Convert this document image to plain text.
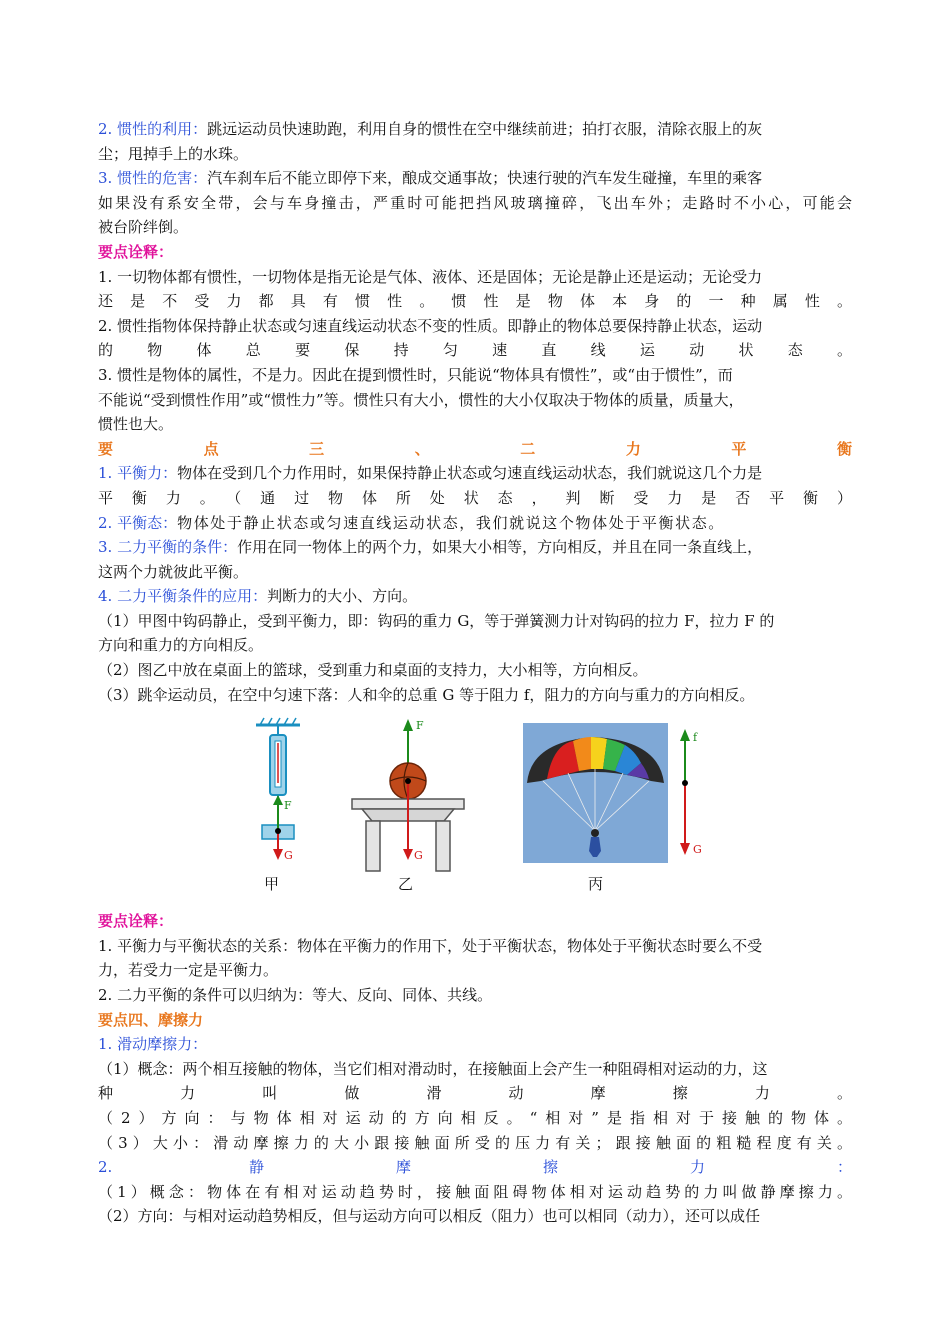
2. 惯性的利用：跳远运动员快速助跑，利用自身的惯性在空中继续前进；拍打衣服，清除衣服上的灰
尘；甩掉手上的水珠。
3. 惯性的危害：汽车刹车后不能立即停下来，酿成交通事故；快速行驶的汽车发生碰撞，车里的乘客
如果没有系安全带，会与车身撞击，严重时可能把挡风玻璃撞碎，飞出车外；走路时不小心，可能会
被台阶绊倒。
要点诠释：
1. 一切物体都有惯性，一切物体是指无论是气体、液体、还是固体；无论是静止还是运动；无论受力
还是不受力都具有惯性。惯性是物体本身的一种属性。
2. 惯性指物体保持静止状态或匀速直线运动状态不变的性质。即静止的物体总要保持静止状态，运动
的物体总要保持匀速直线运动状态。
3. 惯性是物体的属性，不是力。因此在提到惯性时，只能说“物体具有惯性”，或“由于惯性”，而
不能说“受到惯性作用”或“惯性力”等。惯性只有大小，惯性的大小仅取决于物体的质量，质量大，
惯性也大。
要点三、二力平衡
1. 平衡力：物体在受到几个力作用时，如果保持静止状态或匀速直线运动状态，我们就说这几个力是
平衡力。（通过物体所处状态，判断受力是否平衡）
2. 平衡态：物体处于静止状态或匀速直线运动状态，我们就说这个物体处于平衡状态。
3. 二力平衡的条件：作用在同一物体上的两个力，如果大小相等，方向相反，并且在同一条直线上，
这两个力就彼此平衡。
4. 二力平衡条件的应用：判断力的大小、方向。
（1）甲图中钩码静止，受到平衡力，即：钩码的重力 G，等于弹簧测力计对钩码的拉力 F，拉力 F 的
方向和重力的方向相反。
（2）图乙中放在桌面上的篮球，受到重力和桌面的支持力，大小相等，方向相反。
（3）跳伞运动员，在空中匀速下落：人和伞的总重 G 等于阻力 f，阻力的方向与重力的方向相反。
F
G
甲
F
G
乙
f
G
丙
要点诠释：
1. 平衡力与平衡状态的关系：物体在平衡力的作用下，处于平衡状态，物体处于平衡状态时要么不受
力，若受力一定是平衡力。
2. 二力平衡的条件可以归纳为：等大、反向、同体、共线。
要点四、摩擦力
1. 滑动摩擦力：
（1）概念：两个相互接触的物体，当它们相对滑动时，在接触面上会产生一种阻碍相对运动的力，这
种力叫做滑动摩擦力。
（2）方向：与物体相对运动的方向相反。“相对”是指相对于接触的物体。
（3）大小：滑动摩擦力的大小跟接触面所受的压力有关；跟接触面的粗糙程度有关。
2. 静摩擦力：
（1）概念：物体在有相对运动趋势时，接触面阻碍物体相对运动趋势的力叫做静摩擦力。
（2）方向：与相对运动趋势相反，但与运动方向可以相反（阻力）也可以相同（动力），还可以成任
